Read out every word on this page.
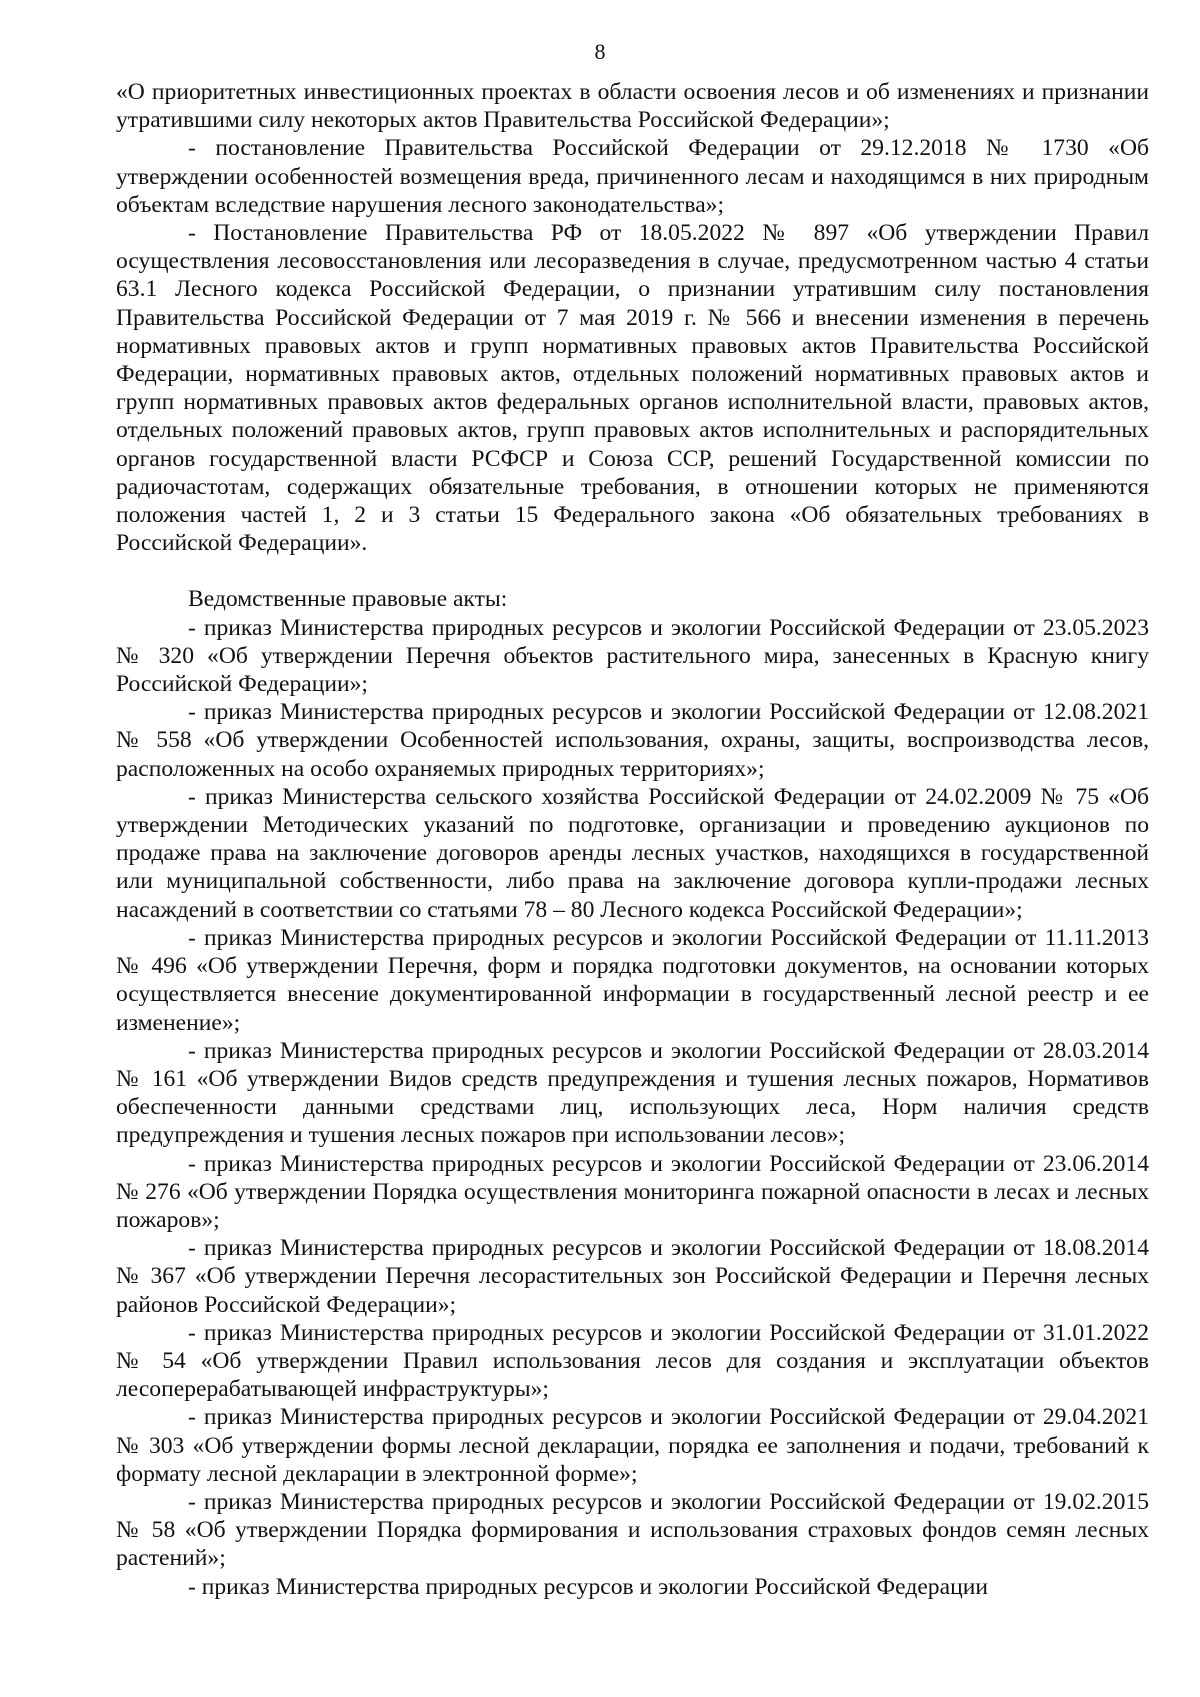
8

«О приоритетных инвестиционных проектах в области освоения лесов и об изменениях и признании утратившими силу некоторых актов Правительства Российской Федерации»;

- постановление Правительства Российской Федерации от 29.12.2018 № 1730 «Об утверждении особенностей возмещения вреда, причиненного лесам и находящимся в них природным объектам вследствие нарушения лесного законодательства»;

- Постановление Правительства РФ от 18.05.2022 № 897 «Об утверждении Правил осуществления лесовосстановления или лесоразведения в случае, предусмотренном частью 4 статьи 63.1 Лесного кодекса Российской Федерации, о признании утратившим силу постановления Правительства Российской Федерации от 7 мая 2019 г. № 566 и внесении изменения в перечень нормативных правовых актов и групп нормативных правовых актов Правительства Российской Федерации, нормативных правовых актов, отдельных положений нормативных правовых актов и групп нормативных правовых актов федеральных органов исполнительной власти, правовых актов, отдельных положений правовых актов, групп правовых актов исполнительных и распорядительных органов государственной власти РСФСР и Союза ССР, решений Государственной комиссии по радиочастотам, содержащих обязательные требования, в отношении которых не применяются положения частей 1, 2 и 3 статьи 15 Федерального закона «Об обязательных требованиях в Российской Федерации».

Ведомственные правовые акты:

- приказ Министерства природных ресурсов и экологии Российской Федерации от 23.05.2023 № 320 «Об утверждении Перечня объектов растительного мира, занесенных в Красную книгу Российской Федерации»;

- приказ Министерства природных ресурсов и экологии Российской Федерации от 12.08.2021 № 558 «Об утверждении Особенностей использования, охраны, защиты, воспроизводства лесов, расположенных на особо охраняемых природных территориях»;

- приказ Министерства сельского хозяйства Российской Федерации от 24.02.2009 № 75 «Об утверждении Методических указаний по подготовке, организации и проведению аукционов по продаже права на заключение договоров аренды лесных участков, находящихся в государственной или муниципальной собственности, либо права на заключение договора купли-продажи лесных насаждений в соответствии со статьями 78 – 80 Лесного кодекса Российской Федерации»;

- приказ Министерства природных ресурсов и экологии Российской Федерации от 11.11.2013 № 496 «Об утверждении Перечня, форм и порядка подготовки документов, на основании которых осуществляется внесение документированной информации в государственный лесной реестр и ее изменение»;

- приказ Министерства природных ресурсов и экологии Российской Федерации от 28.03.2014 № 161 «Об утверждении Видов средств предупреждения и тушения лесных пожаров, Нормативов обеспеченности данными средствами лиц, использующих леса, Норм наличия средств предупреждения и тушения лесных пожаров при использовании лесов»;

- приказ Министерства природных ресурсов и экологии Российской Федерации от 23.06.2014 № 276 «Об утверждении Порядка осуществления мониторинга пожарной опасности в лесах и лесных пожаров»;

- приказ Министерства природных ресурсов и экологии Российской Федерации от 18.08.2014 № 367 «Об утверждении Перечня лесорастительных зон Российской Федерации и Перечня лесных районов Российской Федерации»;

- приказ Министерства природных ресурсов и экологии Российской Федерации от 31.01.2022 № 54 «Об утверждении Правил использования лесов для создания и эксплуатации объектов лесоперерабатывающей инфраструктуры»;

- приказ Министерства природных ресурсов и экологии Российской Федерации от 29.04.2021 № 303 «Об утверждении формы лесной декларации, порядка ее заполнения и подачи, требований к формату лесной декларации в электронной форме»;

- приказ Министерства природных ресурсов и экологии Российской Федерации от 19.02.2015 № 58 «Об утверждении Порядка формирования и использования страховых фондов семян лесных растений»;

- приказ Министерства природных ресурсов и экологии Российской Федерации
